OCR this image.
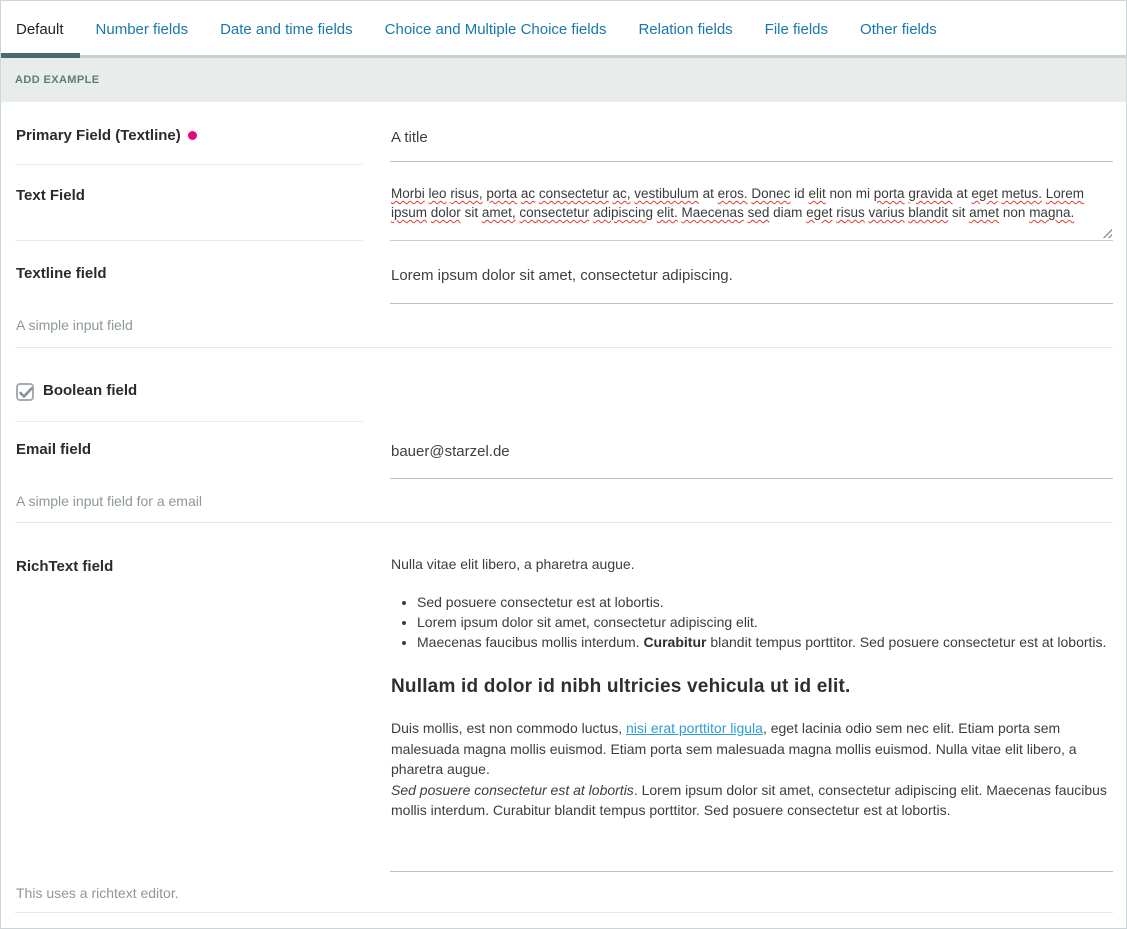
Default	Number fields	Date and time fields	Choice and Multiple Choice fields	Relation fields	File fields	Other fields
ADD EXAMPLE
Primary Field (Textline)	A title
Text Field	Morbi leo risus, porta ac consectetur ac, vestibulum at eros. Donec id elit non mi porta gravida at eget metus. Lorem ipsum dolor sit amet, consectetur adipiscing elit. Maecenas sed diam eget risus varius blandit sit amet non magna.
Textline field	Lorem ipsum dolor sit amet, consectetur adipiscing.
A simple input field
Boolean field
Email field	bauer@starzel.de
A simple input field for a email
RichText field	Nulla vitae elit libero, a pharetra augue.

• Sed posuere consectetur est at lobortis.
• Lorem ipsum dolor sit amet, consectetur adipiscing elit.
• Maecenas faucibus mollis interdum. Curabitur blandit tempus porttitor. Sed posuere consectetur est at lobortis.
Nullam id dolor id nibh ultricies vehicula ut id elit.

Duis mollis, est non commodo luctus, nisi erat porttitor ligula, eget lacinia odio sem nec elit. Etiam porta sem malesuada magna mollis euismod. Etiam porta sem malesuada magna mollis euismod. Nulla vitae elit libero, a pharetra augue.

Sed posuere consectetur est at lobortis. Lorem ipsum dolor sit amet, consectetur adipiscing elit. Maecenas faucibus mollis interdum. Curabitur blandit tempus porttitor. Sed posuere consectetur est at lobortis.

This uses a richtext editor.
